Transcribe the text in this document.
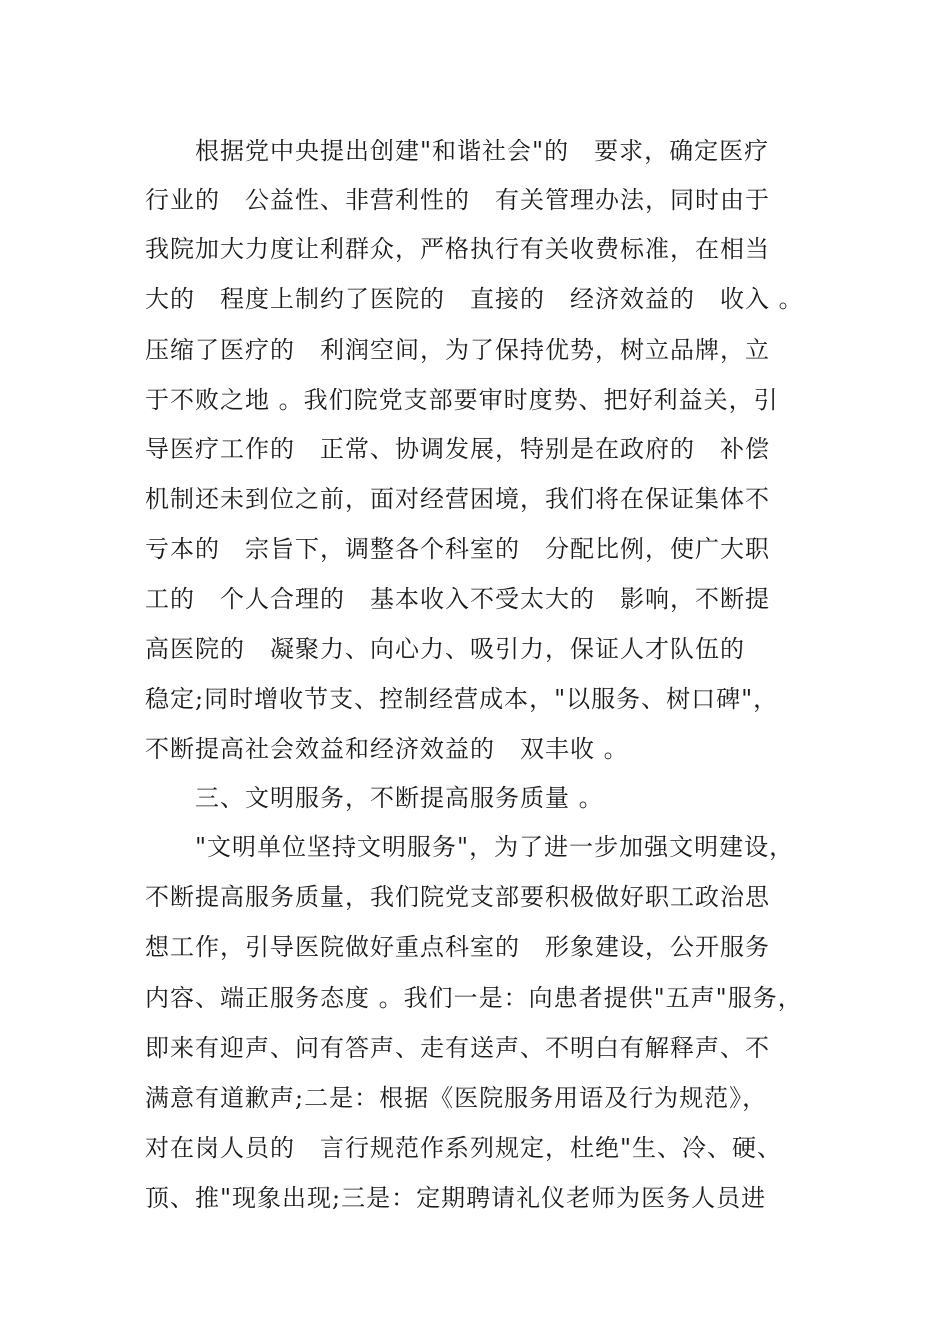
　　根据党中央提出创建"和谐社会"的　要求，确定医疗
行业的　公益性、非营利性的　有关管理办法，同时由于
我院加大力度让利群众，严格执行有关收费标准，在相当
大的　程度上制约了医院的　直接的　经济效益的　收入 。
压缩了医疗的　利润空间，为了保持优势，树立品牌，立
于不败之地 。我们院党支部要审时度势、把好利益关，引
导医疗工作的　正常、协调发展，特别是在政府的　补偿
机制还未到位之前，面对经营困境，我们将在保证集体不
亏本的　宗旨下，调整各个科室的　分配比例，使广大职
工的　个人合理的　基本收入不受太大的　影响，不断提
高医院的　凝聚力、向心力、吸引力，保证人才队伍的
稳定;同时增收节支、控制经营成本，"以服务、树口碑"，
不断提高社会效益和经济效益的　双丰收 。
　　三、文明服务，不断提高服务质量 。
　　"文明单位坚持文明服务"，为了进一步加强文明建设，
不断提高服务质量，我们院党支部要积极做好职工政治思
想工作，引导医院做好重点科室的　形象建设，公开服务
内容、端正服务态度 。我们一是：向患者提供"五声"服务，
即来有迎声、问有答声、走有送声、不明白有解释声、不
满意有道歉声;二是：根据《医院服务用语及行为规范》，
对在岗人员的　言行规范作系列规定，杜绝"生、冷、硬、
顶、推"现象出现;三是：定期聘请礼仪老师为医务人员进
